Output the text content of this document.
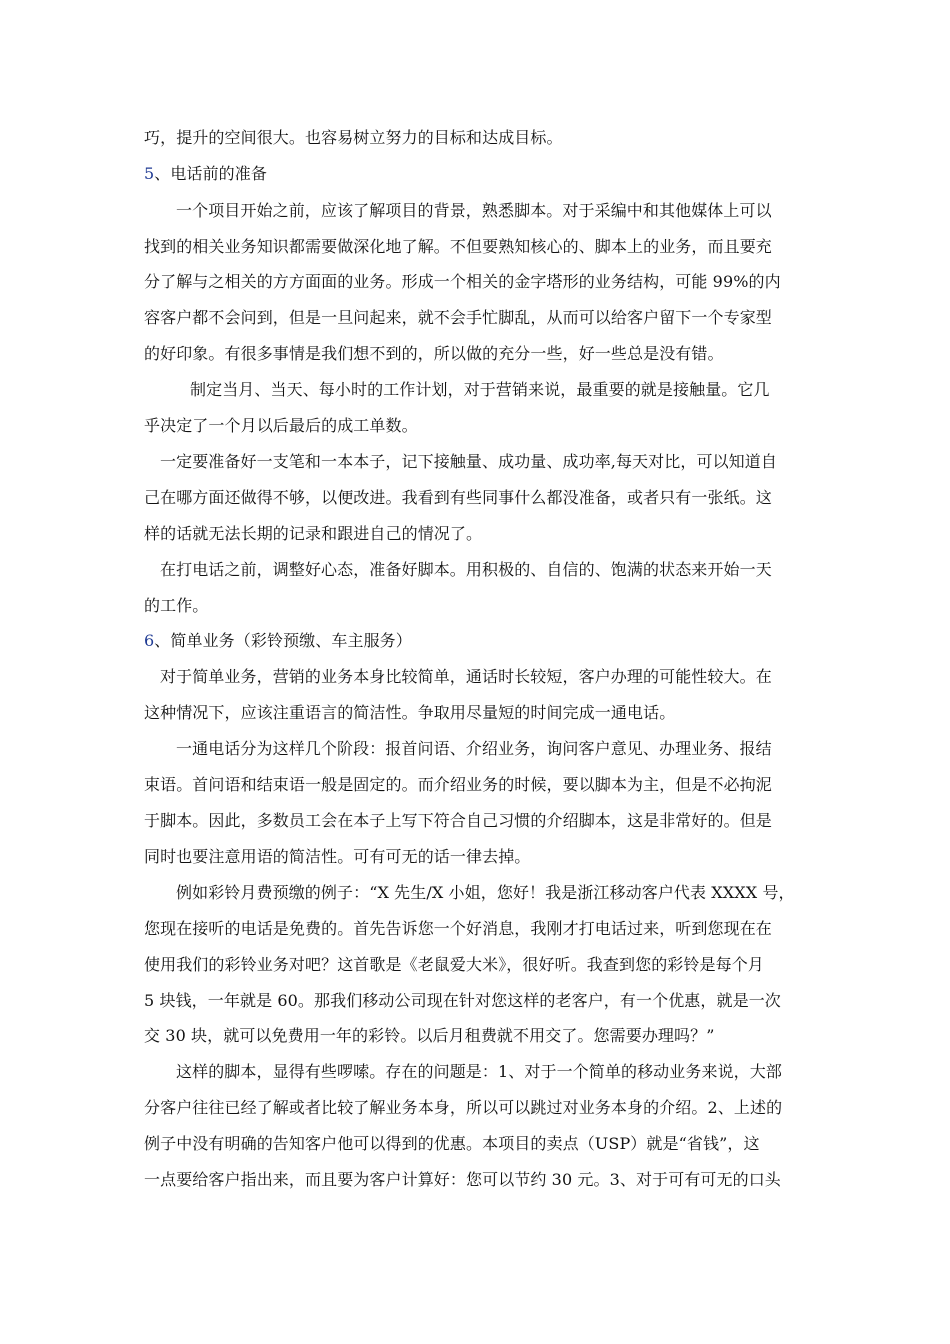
巧，提升的空间很大。也容易树立努力的目标和达成目标。
5、电话前的准备
一个项目开始之前，应该了解项目的背景，熟悉脚本。对于采编中和其他媒体上可以
找到的相关业务知识都需要做深化地了解。不但要熟知核心的、脚本上的业务，而且要充
分了解与之相关的方方面面的业务。形成一个相关的金字塔形的业务结构，可能 99%的内
容客户都不会问到，但是一旦问起来，就不会手忙脚乱，从而可以给客户留下一个专家型
的好印象。有很多事情是我们想不到的，所以做的充分一些，好一些总是没有错。
制定当月、当天、每小时的工作计划，对于营销来说，最重要的就是接触量。它几
乎决定了一个月以后最后的成工单数。
一定要准备好一支笔和一本本子，记下接触量、成功量、成功率,每天对比，可以知道自
己在哪方面还做得不够，以便改进。我看到有些同事什么都没准备，或者只有一张纸。这
样的话就无法长期的记录和跟进自己的情况了。
在打电话之前，调整好心态，准备好脚本。用积极的、自信的、饱满的状态来开始一天
的工作。
6、简单业务（彩铃预缴、车主服务）
对于简单业务，营销的业务本身比较简单，通话时长较短，客户办理的可能性较大。在
这种情况下，应该注重语言的简洁性。争取用尽量短的时间完成一通电话。
一通电话分为这样几个阶段：报首问语、介绍业务，询问客户意见、办理业务、报结
束语。首问语和结束语一般是固定的。而介绍业务的时候，要以脚本为主，但是不必拘泥
于脚本。因此，多数员工会在本子上写下符合自己习惯的介绍脚本，这是非常好的。但是
同时也要注意用语的简洁性。可有可无的话一律去掉。
例如彩铃月费预缴的例子：“X 先生/X 小姐，您好！我是浙江移动客户代表 XXXX 号，
您现在接听的电话是免费的。首先告诉您一个好消息，我刚才打电话过来，听到您现在在
使用我们的彩铃业务对吧？这首歌是《老鼠爱大米》，很好听。我查到您的彩铃是每个月
5 块钱，一年就是 60。那我们移动公司现在针对您这样的老客户，有一个优惠，就是一次
交 30 块，就可以免费用一年的彩铃。以后月租费就不用交了。您需要办理吗？”
这样的脚本，显得有些啰嗦。存在的问题是：1、对于一个简单的移动业务来说，大部
分客户往往已经了解或者比较了解业务本身，所以可以跳过对业务本身的介绍。2、上述的
例子中没有明确的告知客户他可以得到的优惠。本项目的卖点（USP）就是“省钱”，这
一点要给客户指出来，而且要为客户计算好：您可以节约 30 元。3、对于可有可无的口头
